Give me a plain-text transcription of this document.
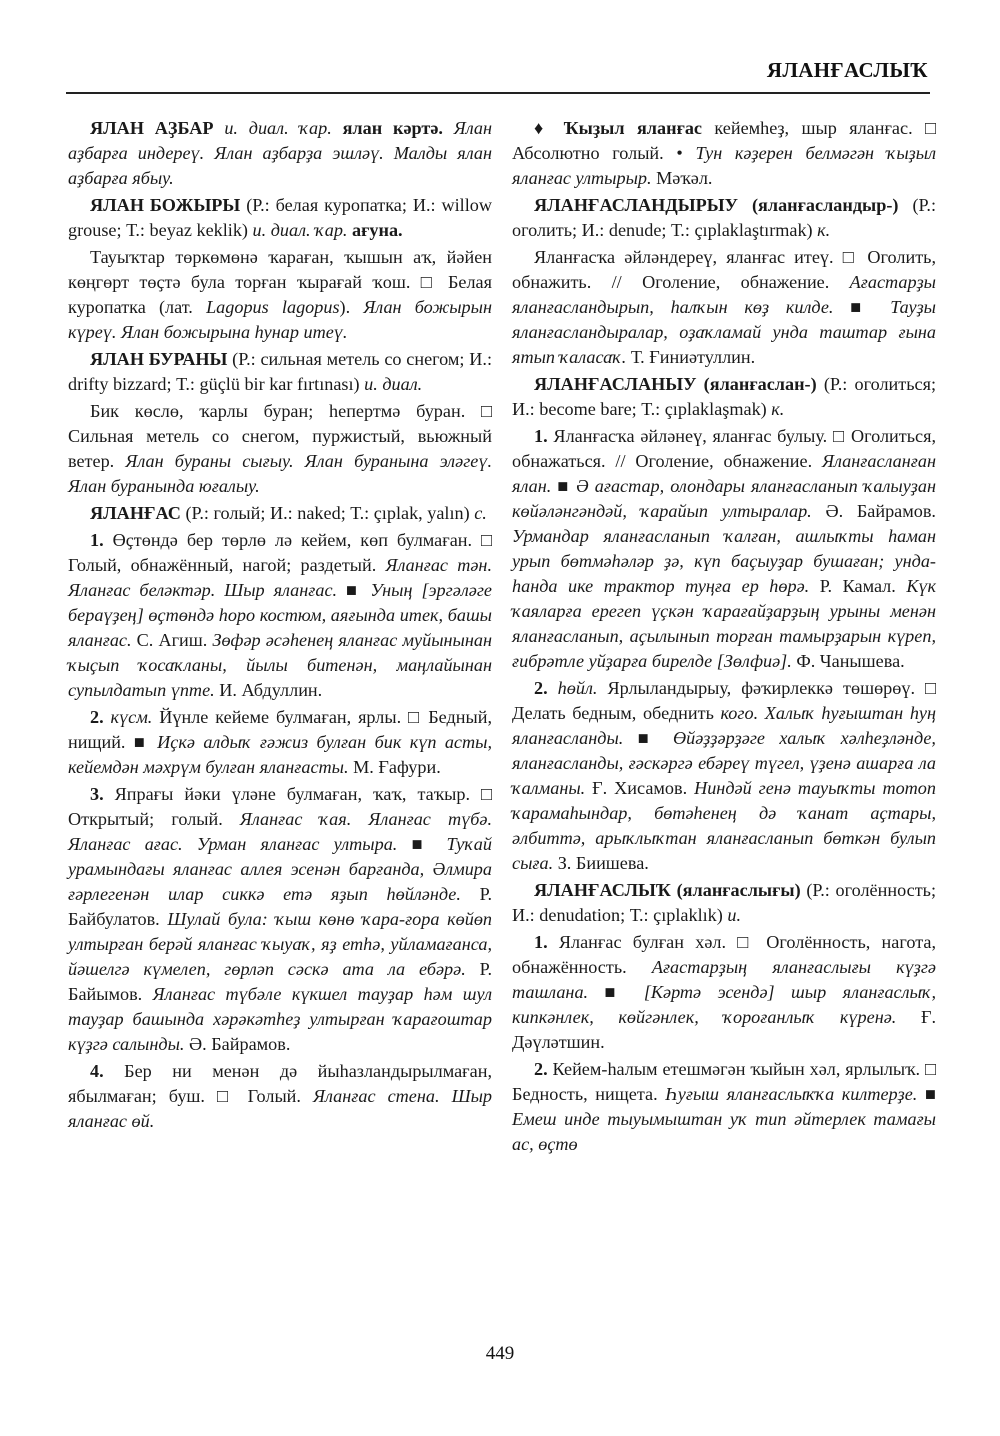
ЯЛАНҒАСЛЫҠ

ЯЛАН АҘБАР и. диал. ҡар. ялан кәртә. Ялан аҙбарға индереү. Ялан аҙбарҙа эшләү. Малды ялан аҙбарға ябыу.

ЯЛАН БОЖЫРЫ (Р.: белая куропатка; И.: willow grouse; Т.: beyaz keklik) и. диал. ҡар. ағуна.

Тауыҡтар төркөмөнә ҡараған, ҡышын аҡ, йәйен көңгөрт төҫтә була торған ҡырағай ҡош. □ Белая куропатка (лат. Lagopus lagopus). Ялан божырын күреү. Ялан божырына һунар итеү.

ЯЛАН БУРАНЫ (Р.: сильная метель со снегом; И.: drifty bizzard; Т.: güçlü bir kar fırtınası) и. диал.

Бик көслө, ҡарлы буран; һепертмә буран. □ Сильная метель со снегом, пуржистый, вьюжный ветер. Ялан бураны сығыу. Ялан буранына эләгеү. Ялан буранында юғалыу.

ЯЛАНҒАС (Р.: голый; И.: naked; Т.: çıplak, yalın) с.

1. Өҫтөндә бер төрлө лә кейем, көп булмаған. □ Голый, обнажённый, нагой; раздетый. Яланғас тән. Яланғас беләктәр. Шыр яланғас. ■ Уның [эргәләге бераүҙең] өҫтөндә һоро костюм, аяғында итек, башы яланғас. С. Агиш. Зөфәр әсәһенең яланғас муйынынан ҡыҫып ҡосаҡланы, йылы битенән, маңлайынан супылдатып үпте. И. Абдуллин.

2. күсм. Йүнле кейеме булмаған, ярлы. □ Бедный, нищий. ■ Иҫкә алдыҡ ғәжиз булған бик күп асты, кейемдән мәхрүм булған яланғасты. М. Ғафури.

3. Япрағы йәки үләне булмаған, ҡаҡ, таҡыр. □ Открытый; голый. Яланғас ҡая. Яланғас түбә. Яланғас ағас. Урман яланғас ултыра. ■ Туҡай урамындағы яланғас аллея эсенән барғанда, Әлмира ғәрлегенән илар сиккә етә яҙып һөйләнде. Р. Байбулатов. Шулай була: ҡыш көнө ҡара-ғора көйөп ултырған берәй яланғас ҡыуаҡ, яҙ етһә, уйламағанса, йәшелгә күмелеп, гөрләп сәскә ата ла ебәрә. Р. Байымов. Яланғас түбәле күкшел тауҙар һәм шул тауҙар башында хәрәкәтһеҙ ултырған ҡарағоштар күҙгә салынды. Ә. Байрамов.

4. Бер ни менән дә йыһазландырылмаған, ябылмаған; буш. □ Голый. Яланғас стена. Шыр яланғас өй.

♦ Ҡыҙыл яланғас кейемһеҙ, шыр яланғас. □ Абсолютно голый. • Тун кәҙерен белмәгән ҡыҙыл яланғас ултырыр. Мәҡәл.

ЯЛАНҒАСЛАНДЫРЫУ (яланғасландыр-) (Р.: оголить; И.: denude; Т.: çıplaklaştırmak) к.

Яланғасҡа әйләндереү, яланғас итеү. □ Оголить, обнажить. // Оголение, обнажение. Ағастарҙы яланғасландырып, һалҡын көҙ килде. ■ Тауҙы яланғасландыралар, оҙаҡламай унда таштар ғына ятып ҡаласаҡ. Т. Ғиниәтуллин.

ЯЛАНҒАСЛАНЫУ (яланғаслан-) (Р.: оголиться; И.: become bare; Т.: çıplaklaşmak) к.

1. Яланғасҡа әйләнеү, яланғас булыу. □ Оголиться, обнажаться. // Оголение, обнажение. Яланғасланған ялан. ■ Ә ағастар, олондары яланғасланып ҡалыуҙан көйәләнгәндәй, ҡарайып ултыралар. Ә. Байрамов. Урмандар яланғасланып ҡалған, ашлыҡты һаман урып бөтмәһәләр ҙә, күп баҫыуҙар бушаған; унда-һанда ике трактор туңға ер һөрә. Р. Камал. Күк ҡаяларға ерегеп үҫкән ҡарағайҙарҙың урыны менән яланғасланып, аҫылынып торған тамырҙарын күреп, ғибрәтле уйҙарға бирелде [Зөлфиә]. Ф. Чанышева.

2. һөйл. Ярлыландырыу, фәҡирлеккә төшөрөү. □ Делать бедным, обеднить кого. Халыҡ һуғыштан һуң яланғасланды. ■ Өйәҙҙәрҙәге халыҡ хәлһеҙләнде, яланғасланды, ғәскәргә ебәреү түгел, үҙенә ашарға ла ҡалманы. Ғ. Хисамов. Ниндәй генә тауыҡты тотоп ҡарамаһындар, бөтәһенең дә ҡанат аҫтары, әлбиттә, арыҡлыҡтан яланғасланып бөткән булып сыға. З. Биишева.

ЯЛАНҒАСЛЫҠ (яланғаслығы) (Р.: оголённость; И.: denudation; Т.: çıplaklık) и.

1. Яланғас булған хәл. □ Оголённость, нагота, обнажённость. Ағастарҙың яланғаслығы күҙгә ташлана. ■ [Кәртә эсендә] шыр яланғаслыҡ, кипкәнлек, көйгәнлек, ҡороғанлыҡ күренә. Ғ. Дәүләтшин.

2. Кейем-һалым етешмәгән ҡыйын хәл, ярлылыҡ. □ Бедность, нищета. Һуғыш яланғаслыҡҡа килтерҙе. ■ Емеш инде тыуымыштан уҡ тип әйтерлек тамағы ас, өҫтө

449
